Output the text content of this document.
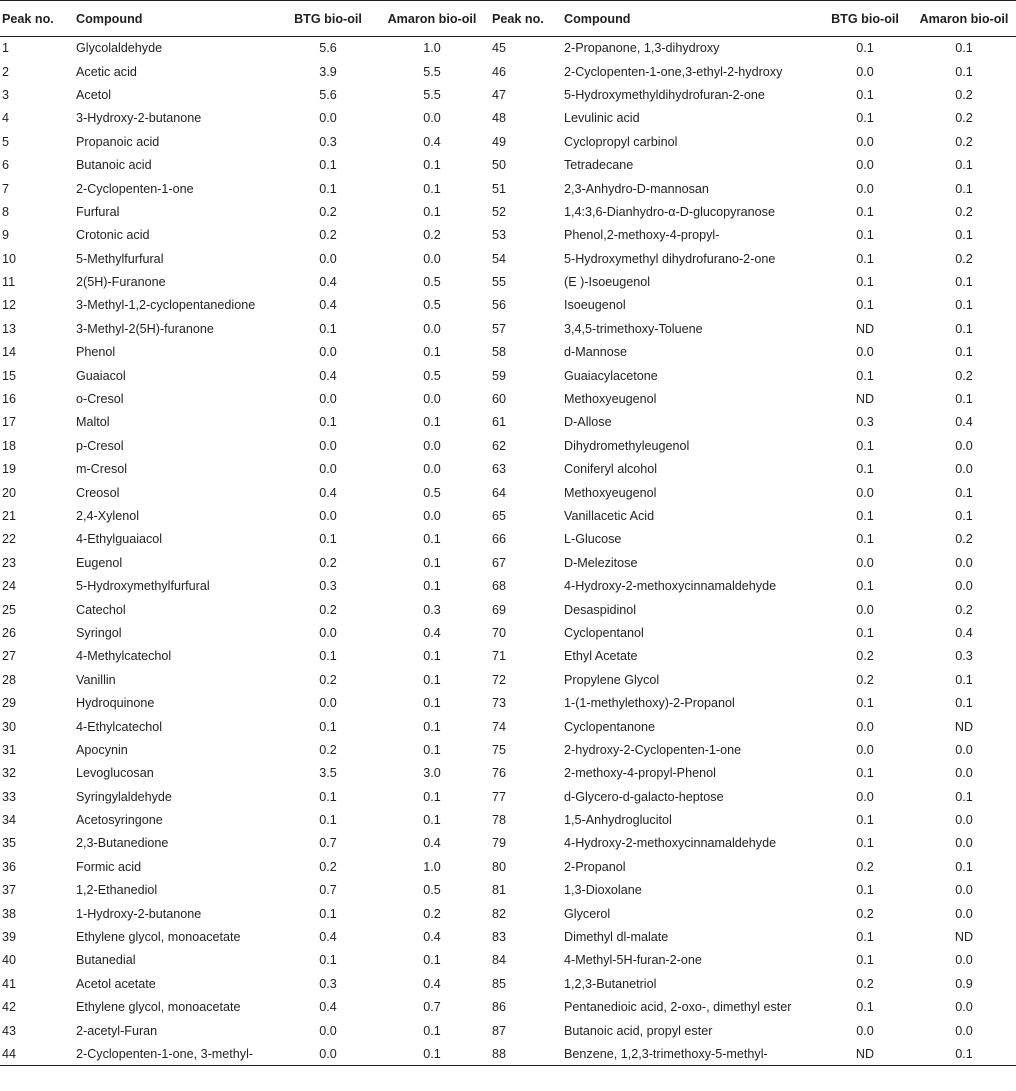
Peak no.	Compound	BTG bio-oil	Amaron bio-oil	Peak no.	Compound	BTG bio-oil	Amaron bio-oil
1	Glycolaldehyde	5.6	1.0	45	2-Propanone, 1,3-dihydroxy	0.1	0.1
2	Acetic acid	3.9	5.5	46	2-Cyclopenten-1-one,3-ethyl-2-hydroxy	0.0	0.1
3	Acetol	5.6	5.5	47	5-Hydroxymethyldihydrofuran-2-one	0.1	0.2
4	3-Hydroxy-2-butanone	0.0	0.0	48	Levulinic acid	0.1	0.2
5	Propanoic acid	0.3	0.4	49	Cyclopropyl carbinol	0.0	0.2
6	Butanoic acid	0.1	0.1	50	Tetradecane	0.0	0.1
7	2-Cyclopenten-1-one	0.1	0.1	51	2,3-Anhydro-D-mannosan	0.0	0.1
8	Furfural	0.2	0.1	52	1,4:3,6-Dianhydro-α-D-glucopyranose	0.1	0.2
9	Crotonic acid	0.2	0.2	53	Phenol,2-methoxy-4-propyl-	0.1	0.1
10	5-Methylfurfural	0.0	0.0	54	5-Hydroxymethyl dihydrofurano-2-one	0.1	0.2
11	2(5H)-Furanone	0.4	0.5	55	(E )-Isoeugenol	0.1	0.1
12	3-Methyl-1,2-cyclopentanedione	0.4	0.5	56	Isoeugenol	0.1	0.1
13	3-Methyl-2(5H)-furanone	0.1	0.0	57	3,4,5-trimethoxy-Toluene	ND	0.1
14	Phenol	0.0	0.1	58	d-Mannose	0.0	0.1
15	Guaiacol	0.4	0.5	59	Guaiacylacetone	0.1	0.2
16	o-Cresol	0.0	0.0	60	Methoxyeugenol	ND	0.1
17	Maltol	0.1	0.1	61	D-Allose	0.3	0.4
18	p-Cresol	0.0	0.0	62	Dihydromethyleugenol	0.1	0.0
19	m-Cresol	0.0	0.0	63	Coniferyl alcohol	0.1	0.0
20	Creosol	0.4	0.5	64	Methoxyeugenol	0.0	0.1
21	2,4-Xylenol	0.0	0.0	65	Vanillacetic Acid	0.1	0.1
22	4-Ethylguaiacol	0.1	0.1	66	L-Glucose	0.1	0.2
23	Eugenol	0.2	0.1	67	D-Melezitose	0.0	0.0
24	5-Hydroxymethylfurfural	0.3	0.1	68	4-Hydroxy-2-methoxycinnamaldehyde	0.1	0.0
25	Catechol	0.2	0.3	69	Desaspidinol	0.0	0.2
26	Syringol	0.0	0.4	70	Cyclopentanol	0.1	0.4
27	4-Methylcatechol	0.1	0.1	71	Ethyl Acetate	0.2	0.3
28	Vanillin	0.2	0.1	72	Propylene Glycol	0.2	0.1
29	Hydroquinone	0.0	0.1	73	1-(1-methylethoxy)-2-Propanol	0.1	0.1
30	4-Ethylcatechol	0.1	0.1	74	Cyclopentanone	0.0	ND
31	Apocynin	0.2	0.1	75	2-hydroxy-2-Cyclopenten-1-one	0.0	0.0
32	Levoglucosan	3.5	3.0	76	2-methoxy-4-propyl-Phenol	0.1	0.0
33	Syringylaldehyde	0.1	0.1	77	d-Glycero-d-galacto-heptose	0.0	0.1
34	Acetosyringone	0.1	0.1	78	1,5-Anhydroglucitol	0.1	0.0
35	2,3-Butanedione	0.7	0.4	79	4-Hydroxy-2-methoxycinnamaldehyde	0.1	0.0
36	Formic acid	0.2	1.0	80	2-Propanol	0.2	0.1
37	1,2-Ethanediol	0.7	0.5	81	1,3-Dioxolane	0.1	0.0
38	1-Hydroxy-2-butanone	0.1	0.2	82	Glycerol	0.2	0.0
39	Ethylene glycol, monoacetate	0.4	0.4	83	Dimethyl dl-malate	0.1	ND
40	Butanedial	0.1	0.1	84	4-Methyl-5H-furan-2-one	0.1	0.0
41	Acetol acetate	0.3	0.4	85	1,2,3-Butanetriol	0.2	0.9
42	Ethylene glycol, monoacetate	0.4	0.7	86	Pentanedioic acid, 2-oxo-, dimethyl ester	0.1	0.0
43	2-acetyl-Furan	0.0	0.1	87	Butanoic acid, propyl ester	0.0	0.0
44	2-Cyclopenten-1-one, 3-methyl-	0.0	0.1	88	Benzene, 1,2,3-trimethoxy-5-methyl-	ND	0.1
